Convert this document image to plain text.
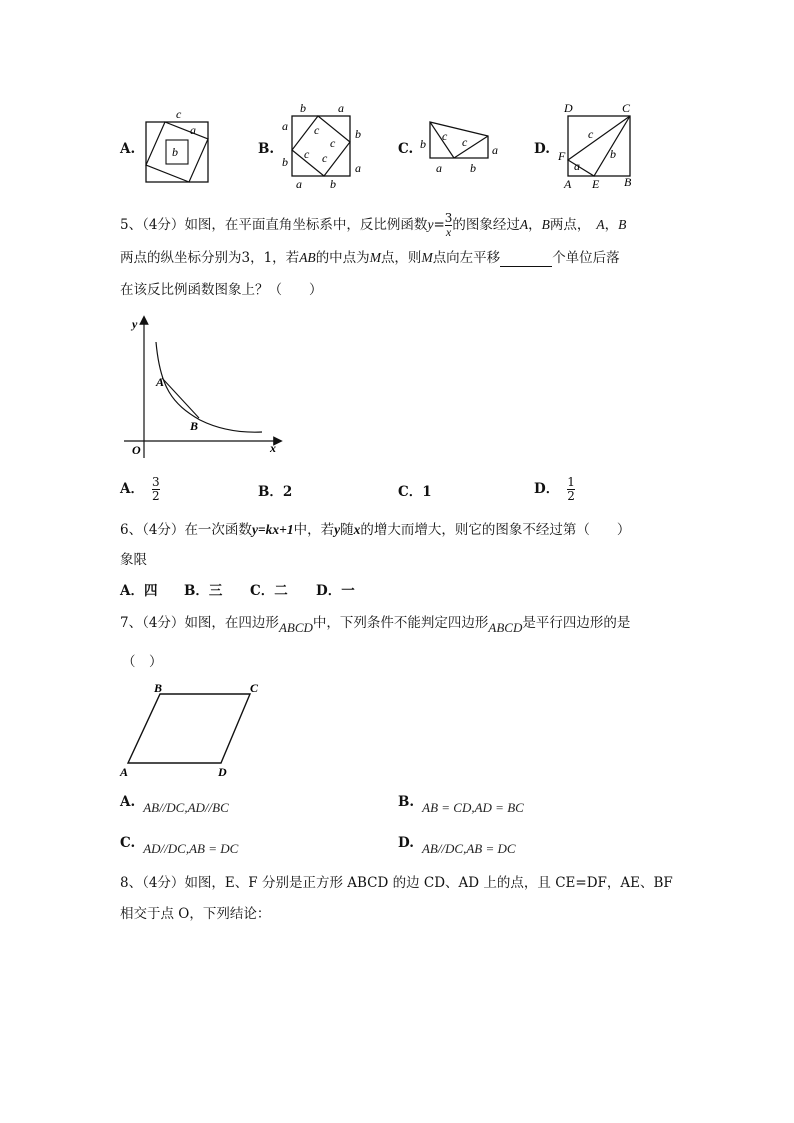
A.
c
a
b	B.
b	a
a
b
b
a
a b
c
c
c c
C. b
c c
a
a b
D.
D	C
c
b
F
a
A E B
5、（4分）如图，在平面直角坐标系中，反比例函数$y= \frac{3}{x}$ 的图象经过A，B两点， A，B
两点的纵坐标分别为3，1，若AB的中点为M点，则M点向左平移	个单位后落
在该反比例函数图象上？（　　）
y
x
O
A
B
A． $\frac{3}{2}$	B．2	C．1	D． $\frac{1}{2}$
6、（4分）在一次函数y=kx+1中，若y随x的增大而增大，则它的图象不经过第（　　）
象限
A．四 B．三 C．二 D．一
7、（4分）如图，在四边形ABCD中，下列条件不能判定四边形ABCD是平行四边形的是
（　）
B	C
A	D
A. AB//DC,AD//BC	B. AB = CD,AD = BC
C. AD//DC,AB = DC	D. AB//DC,AB = DC
8、（4分）如图，E、F 分别是正方形 ABCD 的边 CD、AD 上的点，且 CE=DF，AE、BF
相交于点 O，下列结论：
